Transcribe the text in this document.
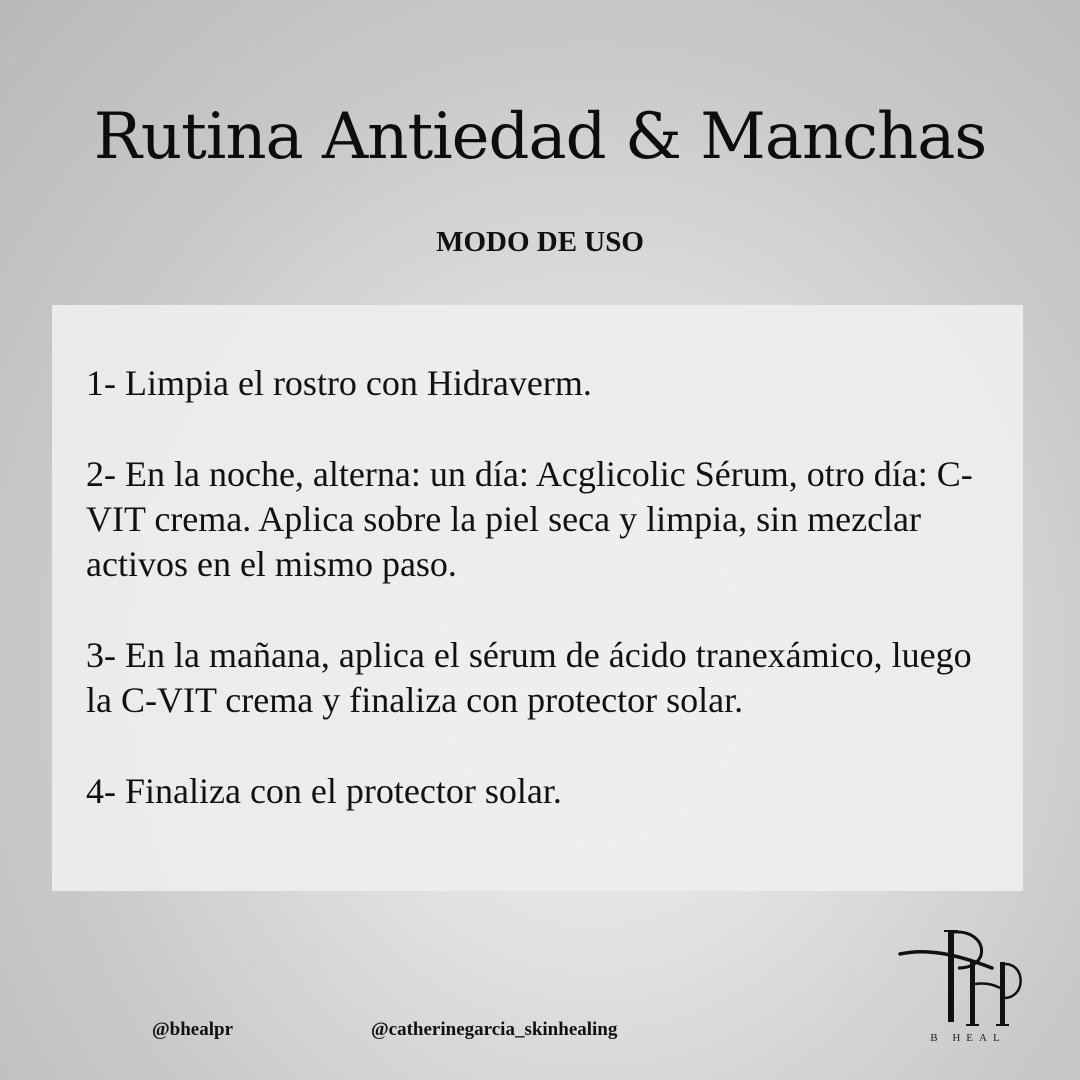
Rutina Antiedad & Manchas
MODO DE USO

1- Limpia el rostro con Hidraverm.

2- En la noche, alterna: un día: Acglicolic Sérum, otro día: C-VIT crema. Aplica sobre la piel seca y limpia, sin mezclar activos en el mismo paso.

3- En la mañana, aplica el sérum de ácido tranexámico, luego la C-VIT crema y finaliza con protector solar.

4- Finaliza con el protector solar.

@bhealpr	@catherinegarcia_skinhealing	B HEAL
